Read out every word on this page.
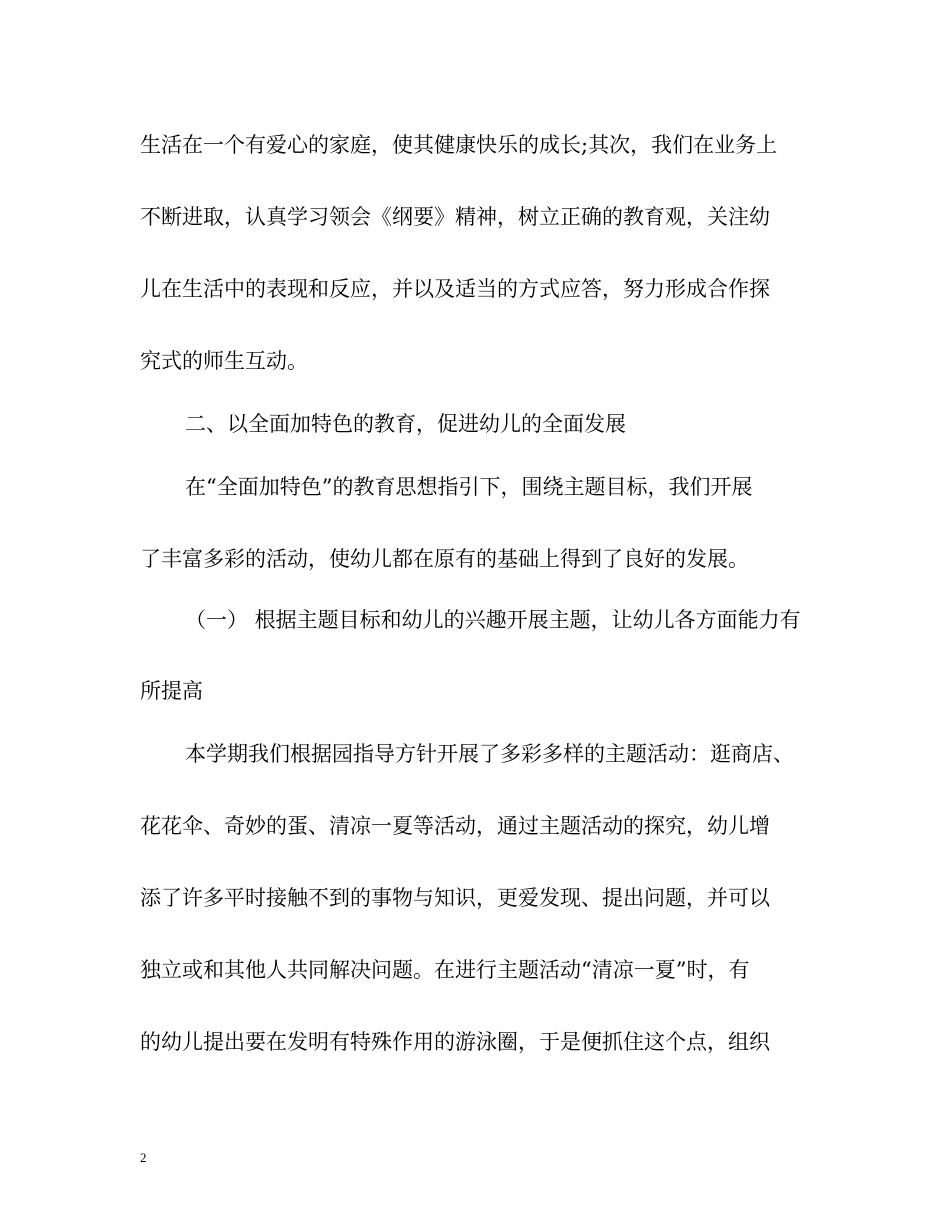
生活在一个有爱心的家庭，使其健康快乐的成长;其次，我们在业务上
不断进取，认真学习领会《纲要》精神，树立正确的教育观，关注幼
儿在生活中的表现和反应，并以及适当的方式应答，努力形成合作探
究式的师生互动。
二、以全面加特色的教育，促进幼儿的全面发展
在“全面加特色”的教育思想指引下，围绕主题目标，我们开展
了丰富多彩的活动，使幼儿都在原有的基础上得到了良好的发展。
（一） 根据主题目标和幼儿的兴趣开展主题，让幼儿各方面能力有
所提高
本学期我们根据园指导方针开展了多彩多样的主题活动：逛商店、
花花伞、奇妙的蛋、清凉一夏等活动，通过主题活动的探究，幼儿增
添了许多平时接触不到的事物与知识，更爱发现、提出问题，并可以
独立或和其他人共同解决问题。在进行主题活动“清凉一夏”时，有
的幼儿提出要在发明有特殊作用的游泳圈，于是便抓住这个点，组织
2
